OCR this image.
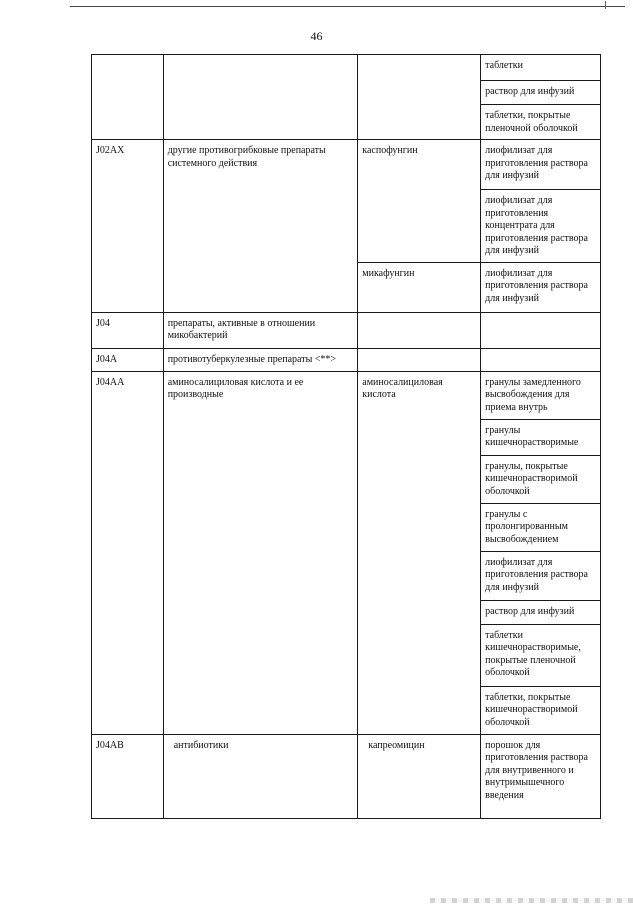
46
			таблетки
			раствор для инфузий
			таблетки, покрытые пленочной оболочкой
J02AX	другие противогрибковые препараты системного действия	каспофунгин	лиофилизат для приготовления раствора для инфузий
			лиофилизат для приготовления концентрата для приготовления раствора для инфузий
		микафунгин	лиофилизат для приготовления раствора для инфузий
J04	препараты, активные в отношении микобактерий		
J04A	противотуберкулезные препараты <**>		
J04AA	аминосалициловая кислота и ее производные	аминосалициловая кислота	гранулы замедленного высвобождения для приема внутрь
			гранулы кишечнорастворимые
			гранулы, покрытые кишечнорастворимой оболочкой
			гранулы с пролонгированным высвобождением
			лиофилизат для приготовления раствора для инфузий
			раствор для инфузий
			таблетки кишечнорастворимые, покрытые пленочной оболочкой
			таблетки, покрытые кишечнорастворимой оболочкой
J04AB	антибиотики	капреомицин	порошок для приготовления раствора для внутривенного и внутримышечного введения
